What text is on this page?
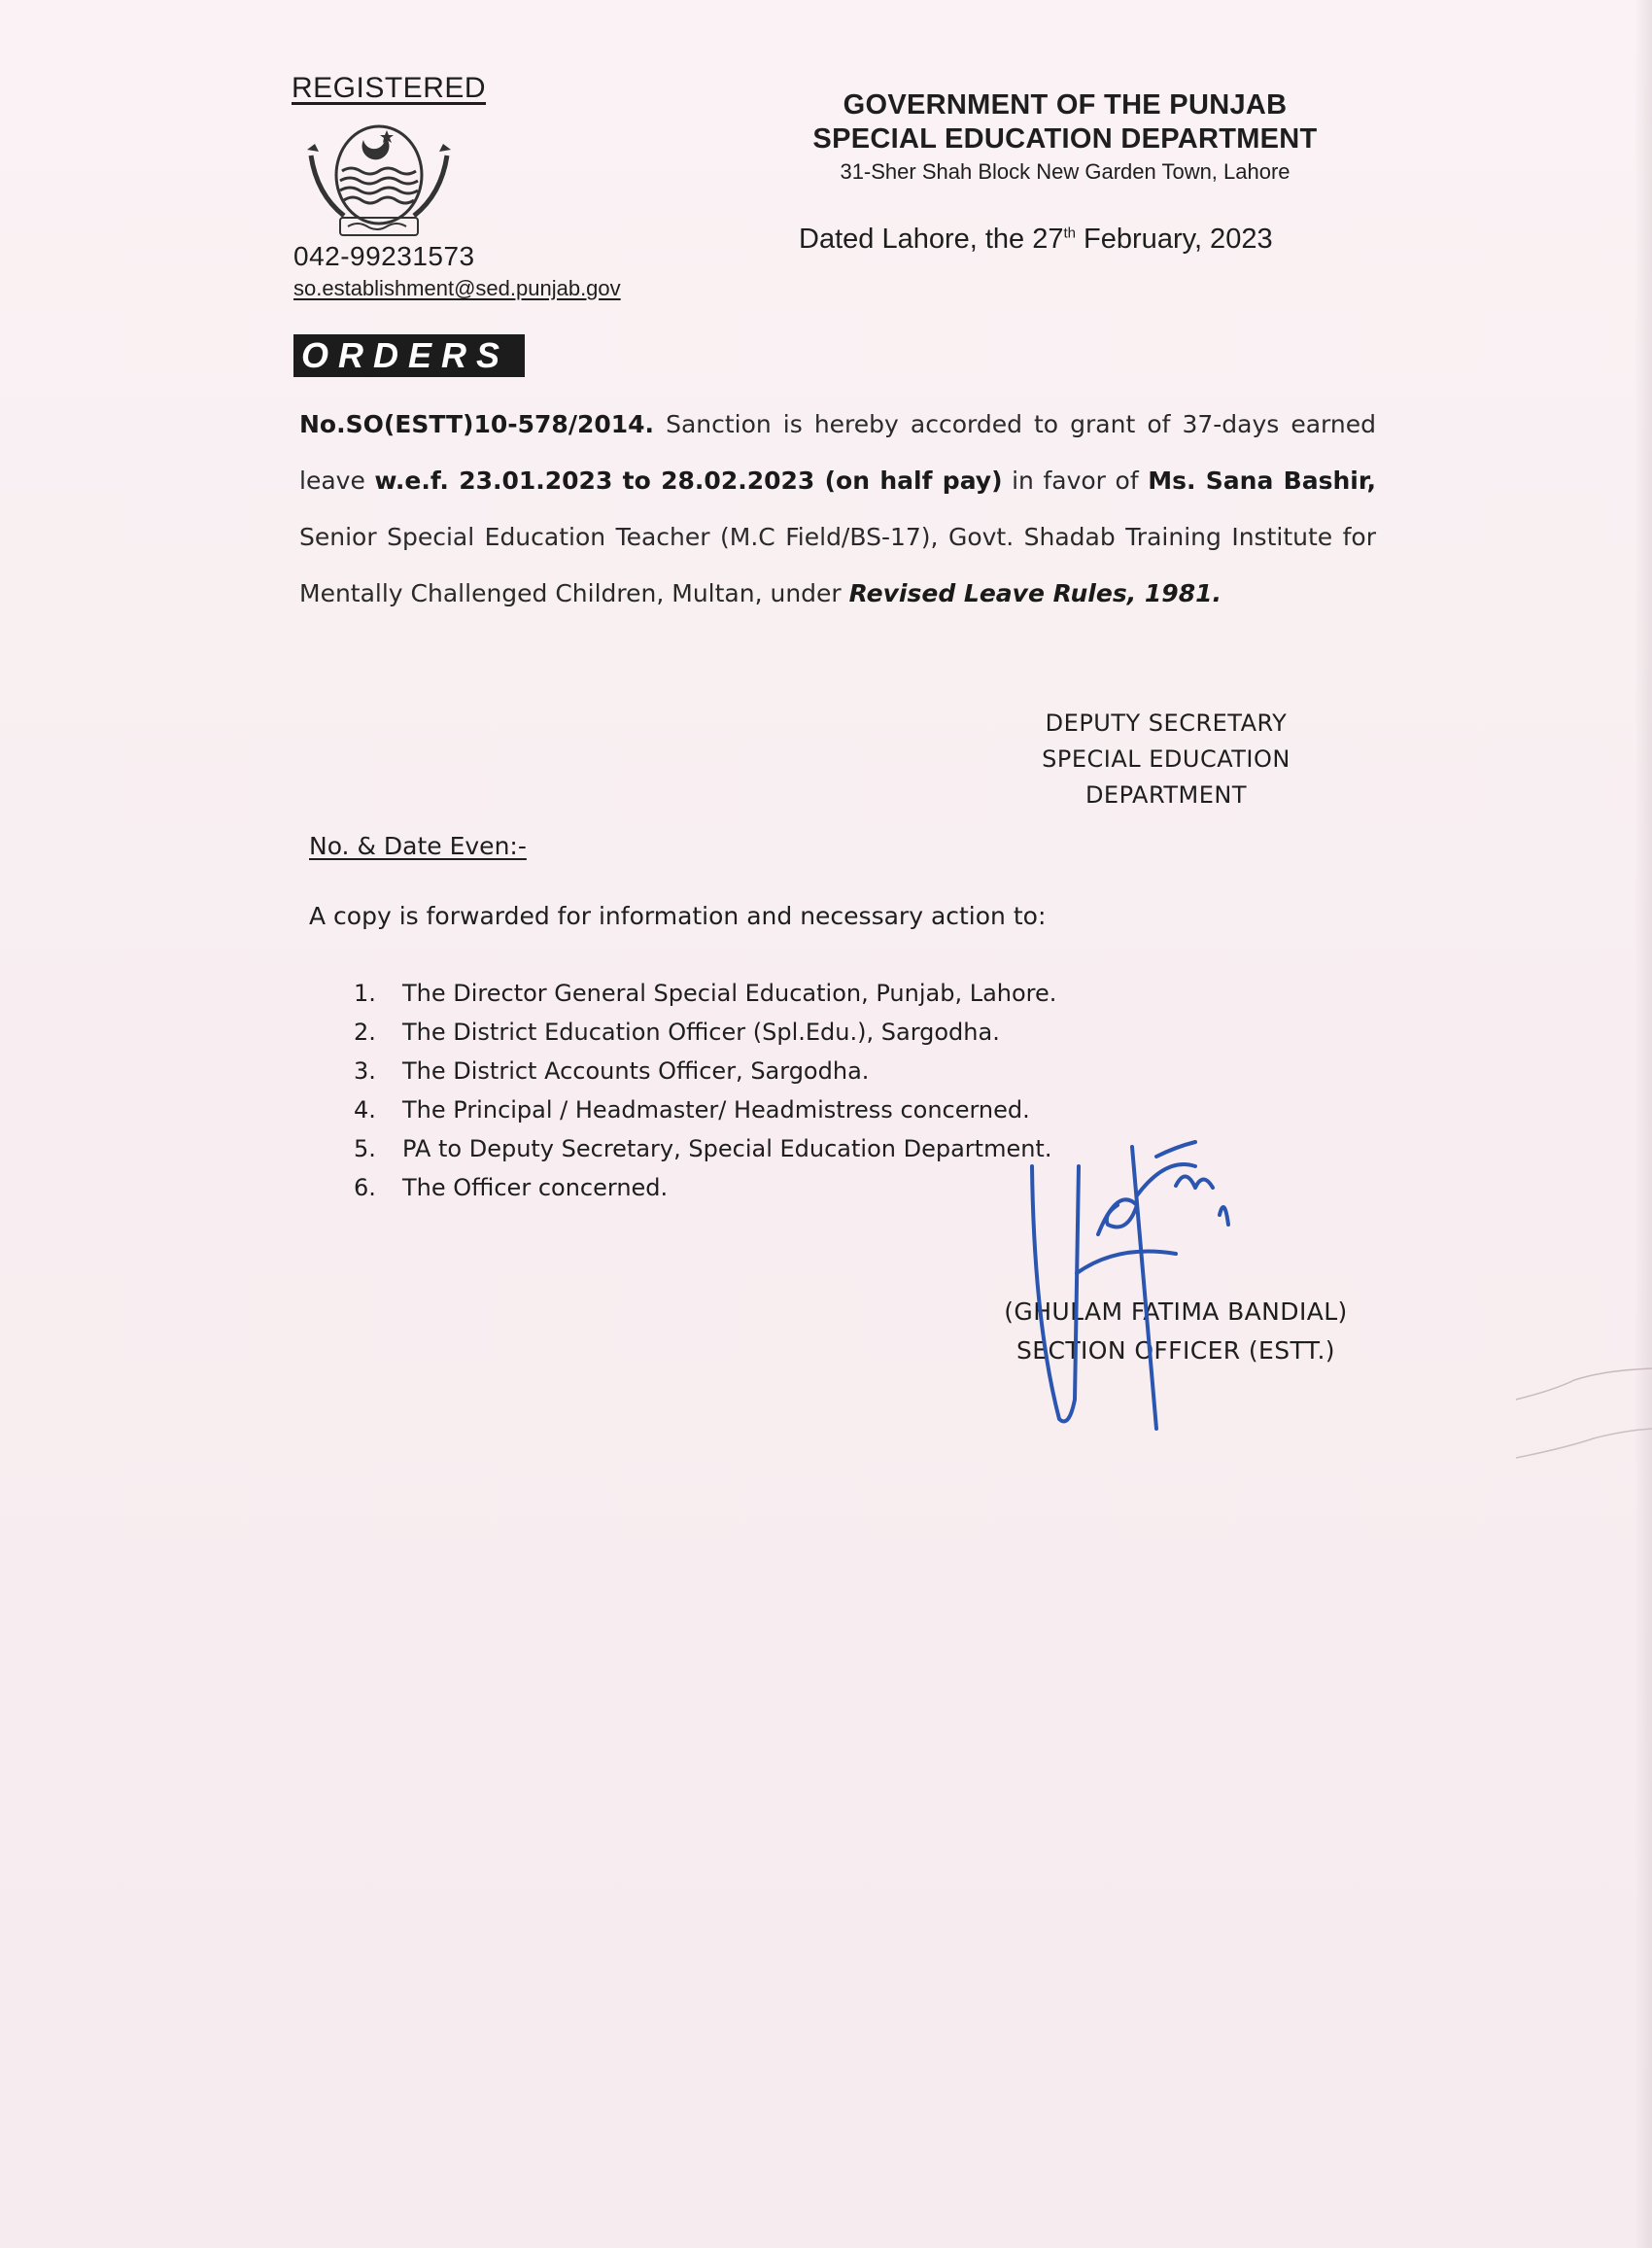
REGISTERED
042-99231573
so.establishment@sed.punjab.gov
GOVERNMENT OF THE PUNJAB
SPECIAL EDUCATION DEPARTMENT
31-Sher Shah Block New Garden Town, Lahore
Dated Lahore, the 27th February, 2023
ORDERS
No.SO(ESTT)10-578/2014. Sanction is hereby accorded to grant of 37-days earned leave w.e.f. 23.01.2023 to 28.02.2023 (on half pay) in favor of Ms. Sana Bashir, Senior Special Education Teacher (M.C Field/BS-17), Govt. Shadab Training Institute for Mentally Challenged Children, Multan, under Revised Leave Rules, 1981.
DEPUTY SECRETARY
SPECIAL EDUCATION
DEPARTMENT
No. & Date Even:-
A copy is forwarded for information and necessary action to:
1.	The Director General Special Education, Punjab, Lahore.
2.	The District Education Officer (Spl.Edu.), Sargodha.
3.	The District Accounts Officer, Sargodha.
4.	The Principal / Headmaster/ Headmistress concerned.
5.	PA to Deputy Secretary, Special Education Department.
6.	The Officer concerned.
(GHULAM FATIMA BANDIAL)
SECTION OFFICER (ESTT.)
